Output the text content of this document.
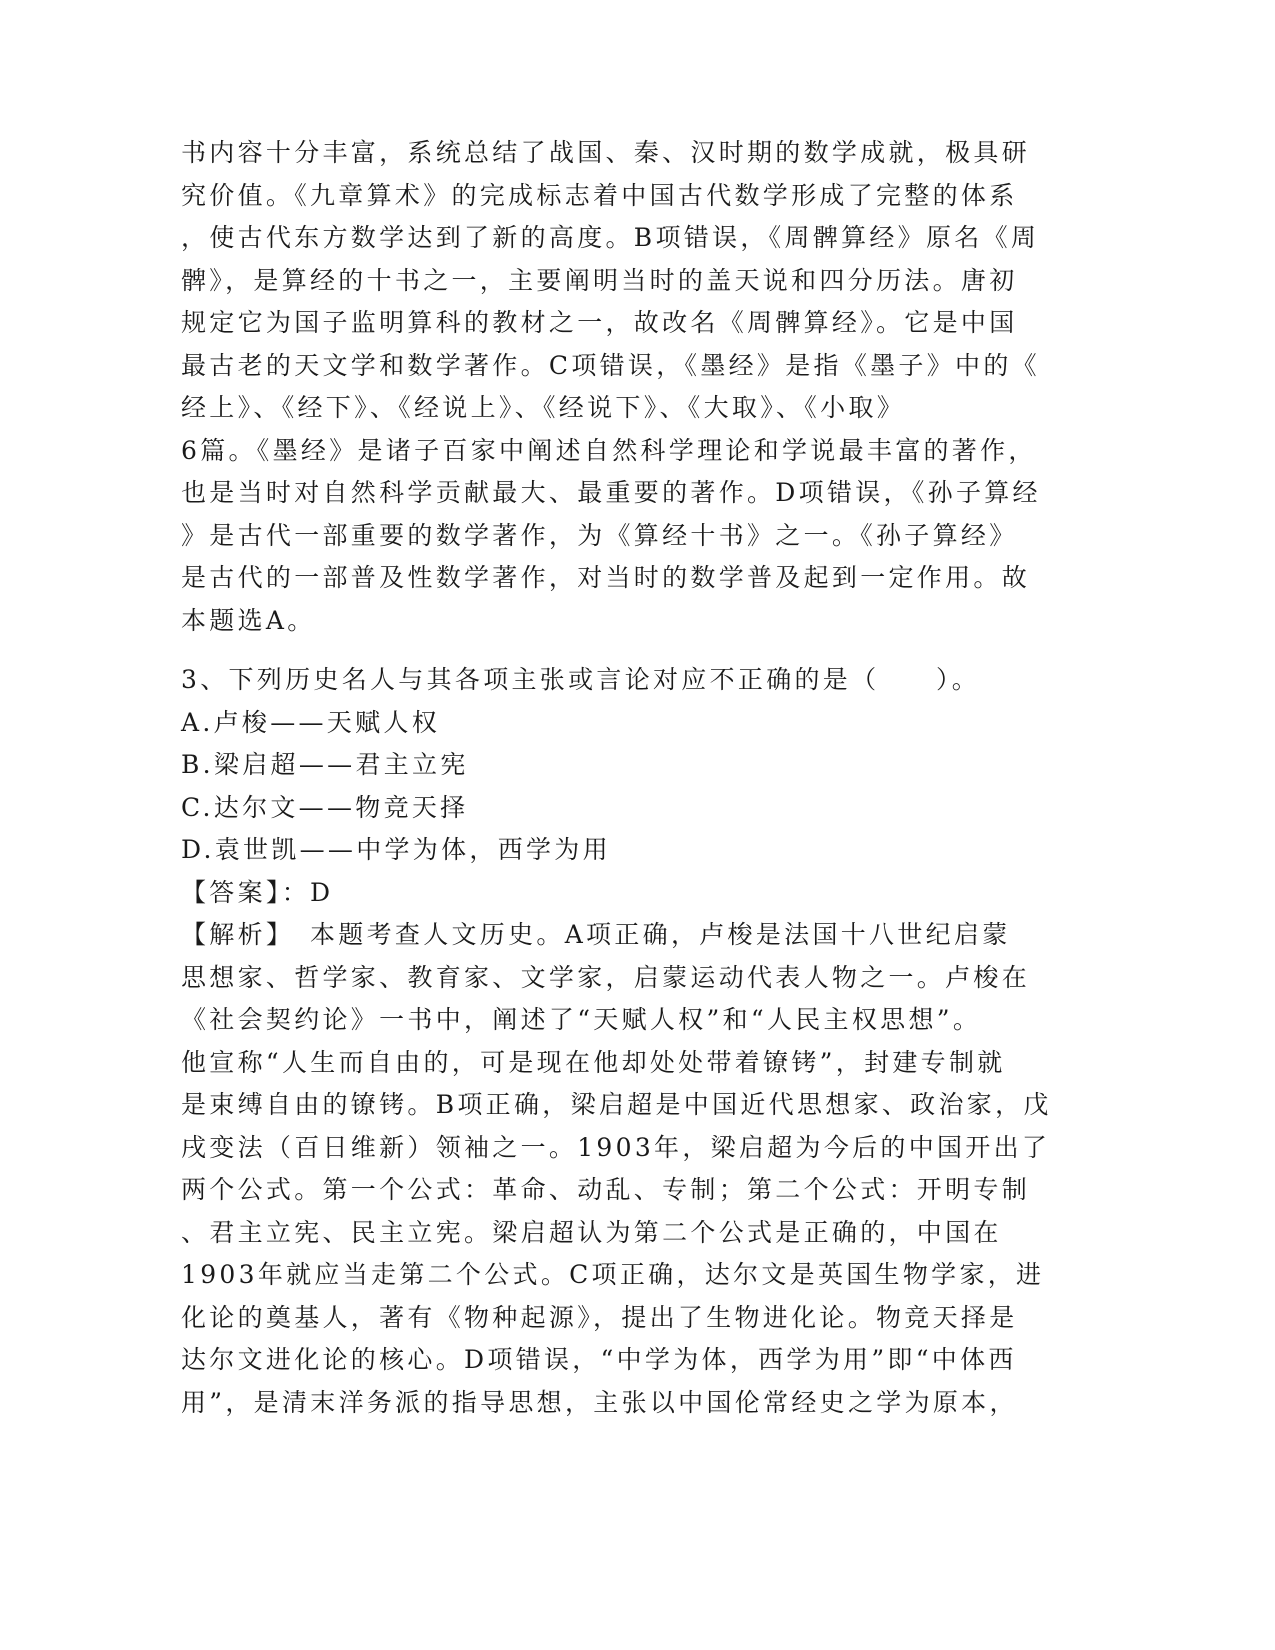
书内容十分丰富，系统总结了战国、秦、汉时期的数学成就，极具研
究价值。《九章算术》的完成标志着中国古代数学形成了完整的体系
，使古代东方数学达到了新的高度。B项错误，《周髀算经》原名《周
髀》，是算经的十书之一，主要阐明当时的盖天说和四分历法。唐初
规定它为国子监明算科的教材之一，故改名《周髀算经》。它是中国
最古老的天文学和数学著作。C项错误，《墨经》是指《墨子》中的《
经上》、《经下》、《经说上》、《经说下》、《大取》、《小取》
6篇。《墨经》是诸子百家中阐述自然科学理论和学说最丰富的著作，
也是当时对自然科学贡献最大、最重要的著作。D项错误，《孙子算经
》是古代一部重要的数学著作，为《算经十书》之一。《孙子算经》
是古代的一部普及性数学著作，对当时的数学普及起到一定作用。故
本题选A。
3、下列历史名人与其各项主张或言论对应不正确的是（　　）。
A.卢梭——天赋人权
B.梁启超——君主立宪
C.达尔文——物竞天择
D.袁世凯——中学为体，西学为用
【答案】：D
【解析】　本题考查人文历史。A项正确，卢梭是法国十八世纪启蒙
思想家、哲学家、教育家、文学家，启蒙运动代表人物之一。卢梭在
《社会契约论》一书中，阐述了“天赋人权”和“人民主权思想”。
他宣称“人生而自由的，可是现在他却处处带着镣铐”，封建专制就
是束缚自由的镣铐。B项正确，梁启超是中国近代思想家、政治家，戊
戌变法（百日维新）领袖之一。1903年，梁启超为今后的中国开出了
两个公式。第一个公式：革命、动乱、专制；第二个公式：开明专制
、君主立宪、民主立宪。梁启超认为第二个公式是正确的，中国在
1903年就应当走第二个公式。C项正确，达尔文是英国生物学家，进
化论的奠基人，著有《物种起源》，提出了生物进化论。物竞天择是
达尔文进化论的核心。D项错误，“中学为体，西学为用”即“中体西
用”，是清末洋务派的指导思想，主张以中国伦常经史之学为原本，
